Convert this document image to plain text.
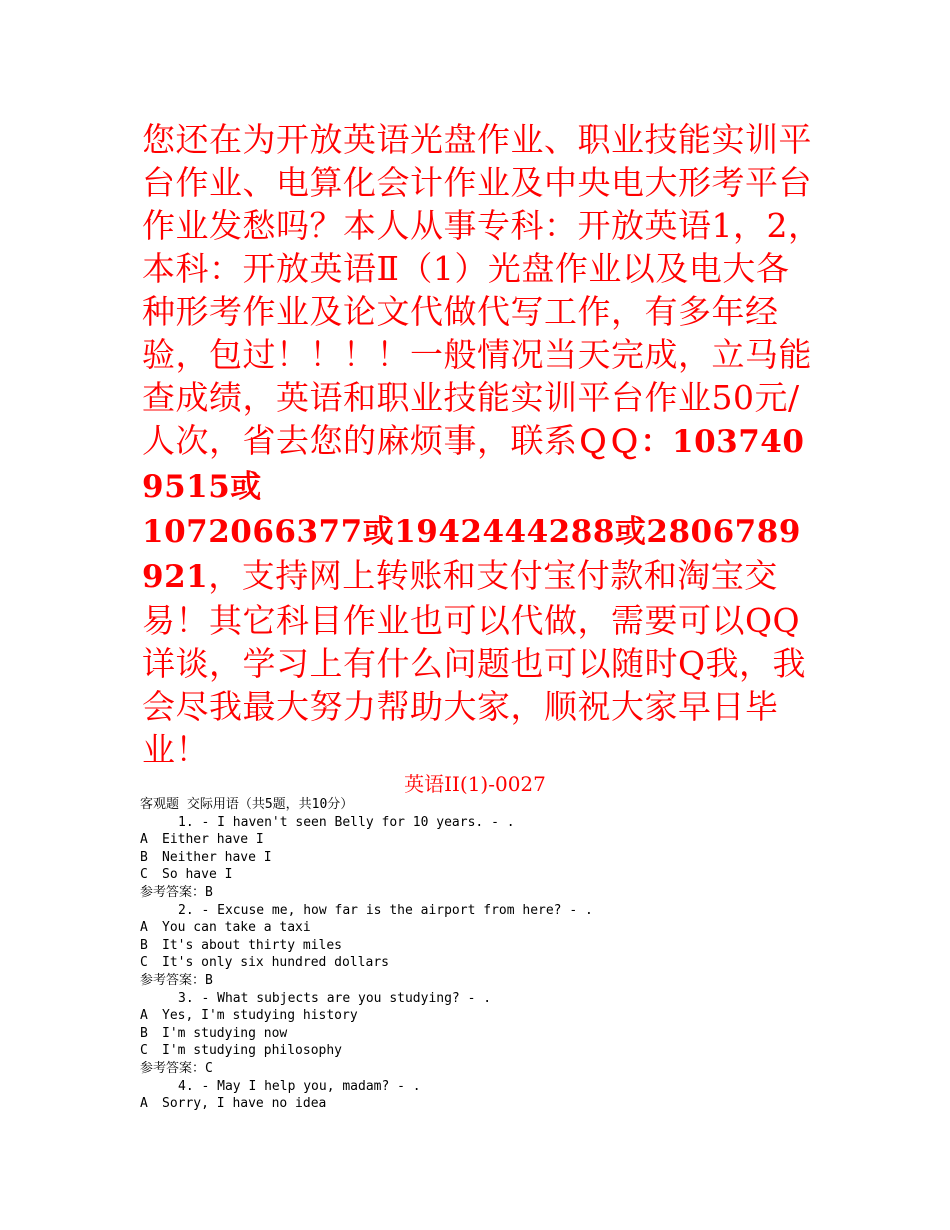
您还在为开放英语光盘作业、职业技能实训平台作业、电算化会计作业及中央电大形考平台作业发愁吗？本人从事专科：开放英语1，2，本科：开放英语Ⅱ（1）光盘作业以及电大各种形考作业及论文代做代写工作，有多年经验，包过！！！！一般情况当天完成，立马能查成绩，英语和职业技能实训平台作业50元/人次，省去您的麻烦事，联系ＱＱ：1037409515或
1072066377或1942444288或2806789921，支持网上转账和支付宝付款和淘宝交易！其它科目作业也可以代做，需要可以QQ详谈，学习上有什么问题也可以随时Q我，我会尽我最大努力帮助大家，顺祝大家早日毕业！
英语II(1)-0027
客观题 交际用语（共5题，共10分）
1. - I haven't seen Belly for 10 years. - .
A Either have I
B Neither have I
C So have I
参考答案：B
2. - Excuse me, how far is the airport from here? - .
A You can take a taxi
B It's about thirty miles
C It's only six hundred dollars
参考答案：B
3. - What subjects are you studying? - .
A Yes, I'm studying history
B I'm studying now
C I'm studying philosophy
参考答案：C
4. - May I help you, madam? - .
A Sorry, I have no idea
